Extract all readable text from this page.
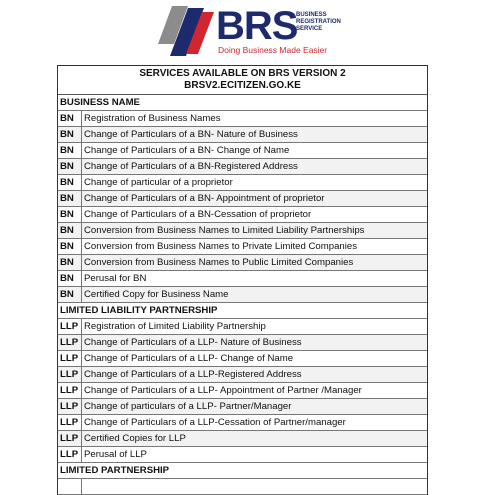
BRS
BUSINESS
REGISTRATION
SERVICE
Doing Business Made Easier
SERVICES AVAILABLE ON BRS VERSION 2
BRSV2.ECITIZEN.GO.KE
BUSINESS NAME	
BN	Registration of Business Names
BN	Change of Particulars of a BN- Nature of Business
BN	Change of Particulars of a BN- Change of Name
BN	Change of Particulars of a BN-Registered Address
BN	Change of particular of a proprietor
BN	Change of Particulars of a BN- Appointment of proprietor
BN	Change of Particulars of a BN-Cessation of proprietor
BN	Conversion from Business Names to Limited Liability Partnerships
BN	Conversion from Business Names to Private Limited Companies
BN	Conversion from Business Names to Public Limited Companies
BN	Perusal for BN
BN	Certified Copy for Business Name
LIMITED LIABILITY PARTNERSHIP	
LLP	Registration of Limited Liability Partnership
LLP	Change of Particulars of a LLP- Nature of Business
LLP	Change of Particulars of a LLP- Change of Name
LLP	Change of Particulars of a LLP-Registered Address
LLP	Change of Particulars of a LLP- Appointment of Partner /Manager
LLP	Change of particulars of a LLP- Partner/Manager
LLP	Change of Particulars of a LLP-Cessation of Partner/manager
LLP	Certified Copies for LLP
LLP	Perusal of LLP
LIMITED PARTNERSHIP	
